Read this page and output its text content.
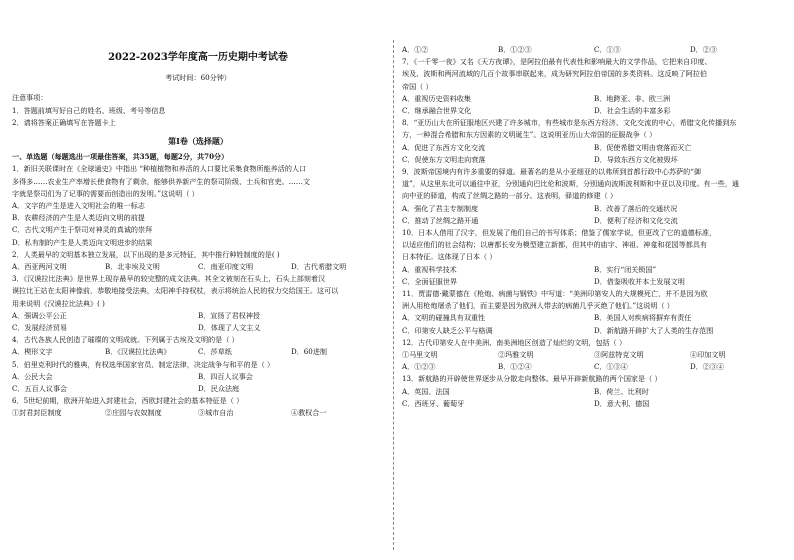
2022-2023学年度高一历史期中考试卷
考试时间：60分钟）
注意事项：
1．答题前填写好自己的姓名、班级、考号等信息
2．请将答案正确填写在答题卡上
第I卷（选择题）
一、单选题（每题选出一项最佳答案，共35题，每题2分，共70分）
1．新旧关联课时在《全球通史》中指出 “种植植物和养活的人口要比采集食物所能养活的人口
多得多……农业生产率增长使食物有了剩余，能够供养新产生的祭司阶级、士兵和官吏。……文
字就是祭司们为了记事的需要而创造出的发明。”这说明（ ）
A．文字的产生是进入文明社会的唯一标志
B．农耕经济的产生是人类迈向文明的前提
C．古代文明产生于祭司对神灵的真诚的崇拜
D．私有制的产生是人类迈向文明进步的结果
2．人类最早的文明基本独立发展，以下出现的是多元特征，其中推行种姓制度的是( )
A．西亚两河文明	B．北非埃及文明	C．南亚印度文明	D．古代希腊文明
3．《汉谟拉比法典》是世界上现存最早的较完整的成文法典。其全文被刻在石头上，石头上部刻着汉
谟拉比王站在太阳神像前，恭敬地接受法典，太阳神手持权杖，表示将统治人民的权力交给国王。这可以
用来说明《汉谟拉比法典》( )
A．强调公平公正	B．宣扬了君权神授
C．发展经济贸易	D．体现了人文主义
4．古代各族人民创造了璀璨的文明成就。下列属于古埃及文明的是（ ）
A．楔形文字	B．《汉谟拉比法典》	C．莎草纸	D．60进制
5．伯里克利时代的雅典，有权选举国家官员、制定法律，决定战争与和平的是（ ）
A．公民大会	B．四百人议事会
C．五百人议事会	D．民众法庭
6．5世纪前期，欧洲开始进入封建社会，西欧封建社会的基本特征是（ ）
①封君封臣制度	②庄园与农奴制度	③城市自治	④教权合一
A．①②	B．①②③	C．①③	D．②③
7．《一千零一夜》又名《天方夜谭》，是阿拉伯最有代表性和影响最大的文学作品，它把来自印度、
埃及、波斯和两河流域的几百个故事串联起来，成为研究阿拉伯帝国的多类资料。这反映了阿拉伯
帝国（ ）
A．重视历史资料收集	B．地跨亚、非、欧三洲
C．继承融合世界文化	D．社会生活的丰富多彩
8．“亚历山大在所征服地区兴建了许多城市，有些城市是东西方经济、文化交流的中心，希腊文化传播到东
方，一种混合希腊和东方因素的文明诞生”。这说明亚历山大帝国的征服战争（ ）
A．促进了东西方文化交流	B．促使希腊文明由衰落而灭亡
C．促使东方文明走向衰落	D．导致东西方文化被毁坏
9．波斯帝国境内有许多重要的驿道。最著名的是从小亚细亚的以弗所到首都行政中心苏萨的“御
道”，从这里东北可以通往中亚，分别通向巴比伦和波斯，分别通向波斯波利斯和中亚以及印度。有一些，通
向中亚的驿道，构成了丝绸之路的一部分。这表明，驿道的修建（ ）
A．强化了君主专制制度	B．改善了落后的交通状况
C．推动了丝绸之路开通	D．便利了经济和文化交流
10．日本人借用了汉字，但发展了他们自己的书写体系；借鉴了儒家学说，但更改了它的道德标准，
以适应他们的社会结构；以唐都长安为模型建立新都，但其中的庙宇、神祖、神龛和花园等都具有
日本特征。这体现了日本（ ）
A．重视科学技术	B．实行“闭关锁国”
C．全面征服世界	D．借鉴吸收并本土发展文明
11．贾雷德·戴蒙德在《枪炮、病菌与钢铁》中写道：“美洲印第安人的大规模死亡，并不是因为欧
洲人用枪炮屠杀了他们，而主要是因为欧洲人带去的病菌几乎灭绝了他们。”这说明（ ）
A．文明的碰撞具有双重性	B．美国人对疾病将摒弃有责任
C．印第安人缺乏公平与格调	D．新航路开辟扩大了人类的生存范围
12．古代印第安人在中美洲、南美洲地区创造了灿烂的文明，包括（ ）
①马里文明	②玛雅文明	③阿兹特克文明	④印加文明
A．①②③	B．①②④	C．①③④	D．②③④
13．新航路的开辟使世界逐步从分散走向整体。最早开辟新航路的两个国家是（ ）
A．英国、法国	B．荷兰、比利时
C．西班牙、葡萄牙	D．意大利、德国
